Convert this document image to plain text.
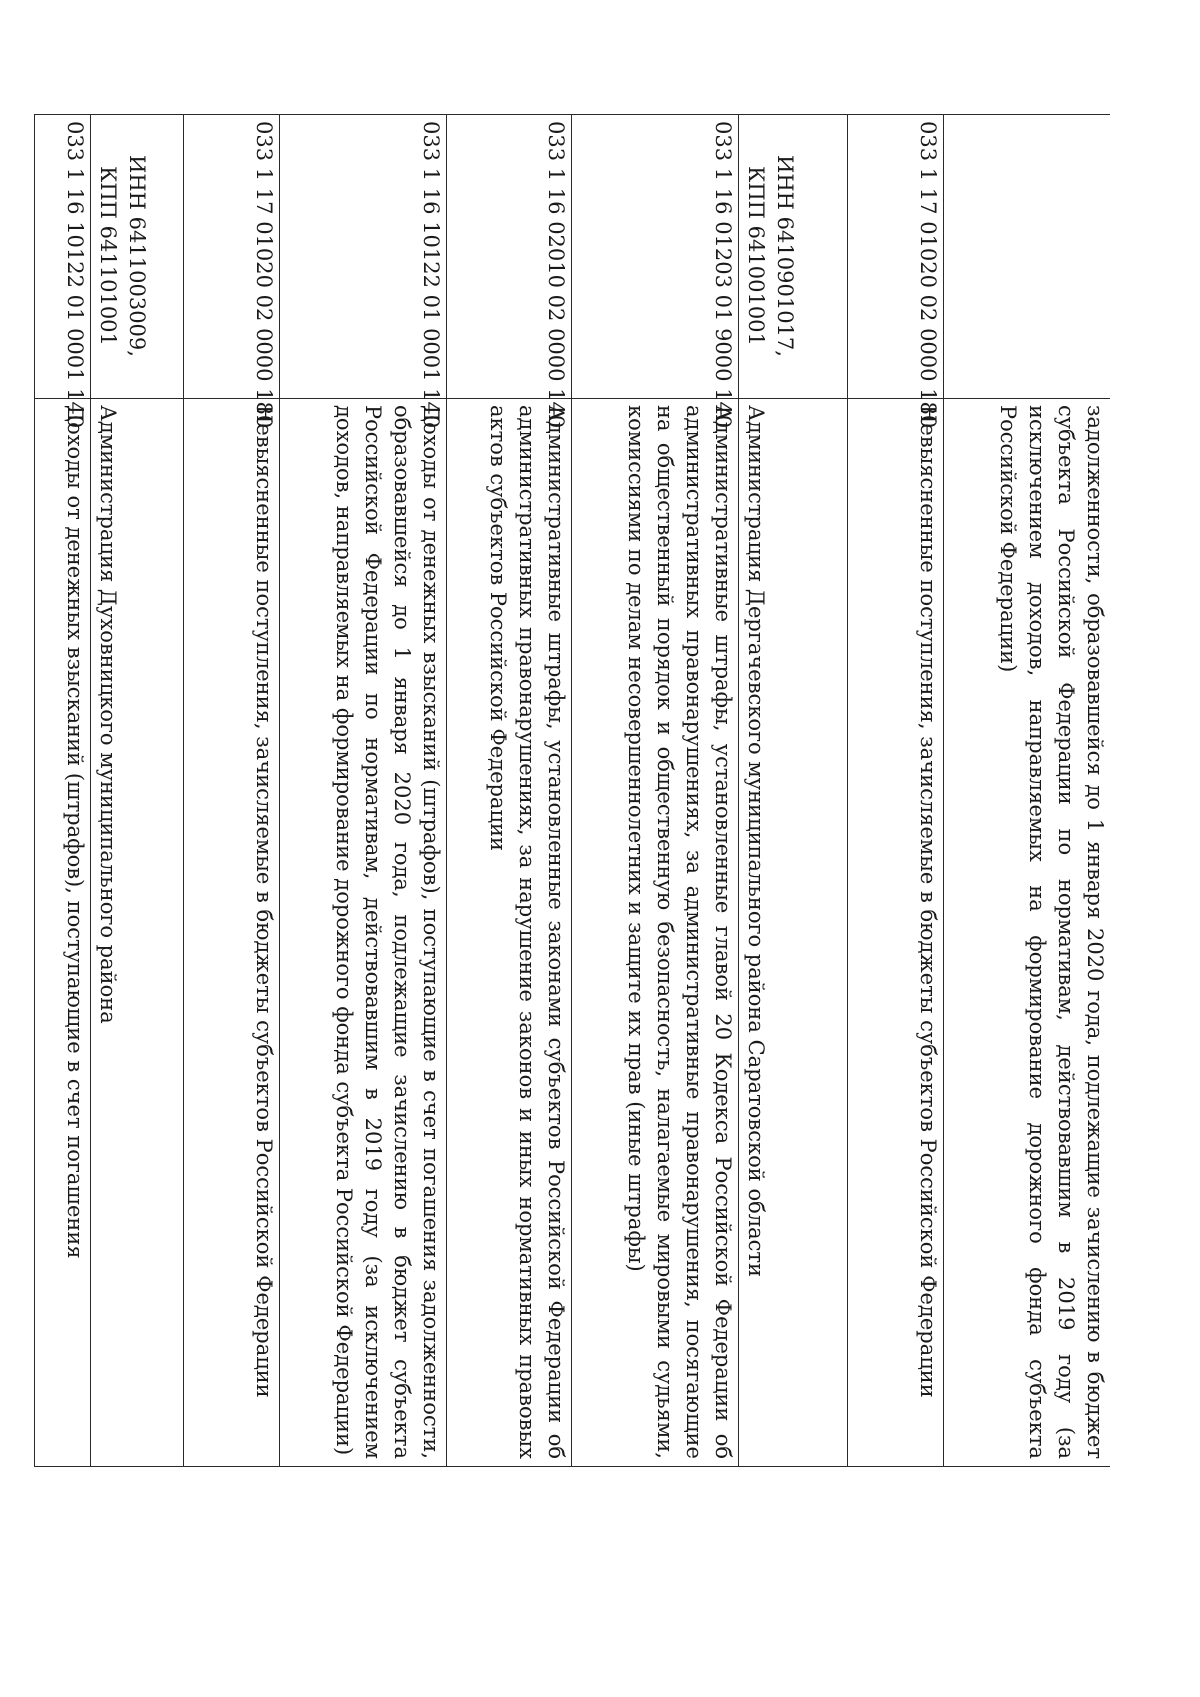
	задолженности, образовавшейся до 1 января 2020 года, подлежащие зачислению в бюджет субъекта Российской Федерации по нормативам, действовавшим в 2019 году (за исключением доходов, направляемых на формирование дорожного фонда субъекта Российской Федерации)
033 1 17 01020 02 0000 180	Невыясненные поступления, зачисляемые в бюджеты субъектов Российской Федерации

ИНН 6410901017,
КПП 641001001	Администрация Дергачевского муниципального района Саратовской области
033 1 16 01203 01 9000 140	Административные штрафы, установленные главой 20 Кодекса Российской Федерации об административных правонарушениях, за административные правонарушения, посягающие на общественный порядок и общественную безопасность, налагаемые мировыми судьями, комиссиями по делам несовершеннолетних и защите их прав (иные штрафы)
033 1 16 02010 02 0000 140	Административные штрафы, установленные законами субъектов Российской Федерации об административных правонарушениях, за нарушение законов и иных нормативных правовых актов субъектов Российской Федерации
033 1 16 10122 01 0001 140	Доходы от денежных взысканий (штрафов), поступающие в счет погашения задолженности, образовавшейся до 1 января 2020 года, подлежащие зачислению в бюджет субъекта Российской Федерации по нормативам, действовавшим в 2019 году (за исключением доходов, направляемых на формирование дорожного фонда субъекта Российской Федерации)
033 1 17 01020 02 0000 180	Невыясненные поступления, зачисляемые в бюджеты субъектов Российской Федерации

ИНН 6411003009,
КПП 641101001	Администрация Духовницкого муниципального района
033 1 16 10122 01 0001 140	Доходы от денежных взысканий (штрафов), поступающие в счет погашения
